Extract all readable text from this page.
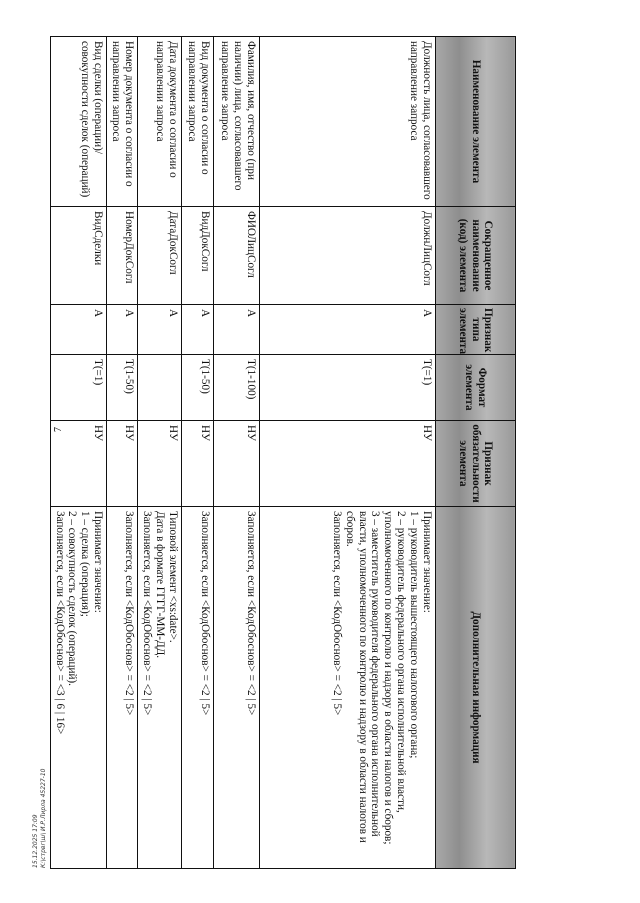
7
15.12.2025 17:09 К:\стрвг\ш\ И.Р.Лирла 45227-10
Наименование элемента	Сокращенное наименование (код) элемента	Признак типа элемента	Формат элемента	Признак обязательности элемента	Дополнительная информация
Должность лица, согласовавшего направление запроса	ДолжнЛицСогл	А	T(=1)	НУ	Принимает значение:
1 – руководитель вышестоящего налогового органа;
2 – руководитель федерального органа исполнительной власти, уполномоченного по контролю и надзору в области налогов и сборов;
3 – заместитель руководителя федерального органа исполнительной власти, уполномоченного по контролю и надзору в области налогов и сборов.
Заполняется, если <КодОбоснов> = <2 | 5>

Фамилия, имя, отчество (при наличии) лица, согласовавшего направление запроса	ФИОЛицСогл	А	T(1-100)	НУ	Заполняется, если <КодОбоснов> = <2 | 5>

Вид документа о согласии о направлении запроса	ВидДокСогл	А	T(1-50)	НУ	Заполняется, если <КодОбоснов> = <2 | 5>

Дата документа о согласии о направлении запроса	ДатаДокСогл	А		НУ	Типовой элемент <xs:date>.
Дата в формате ГГГГ-ММ-ДД.
Заполняется, если <КодОбоснов> = <2 | 5>

Номер документа о согласии о направлении запроса	НомерДокСогл	А	T(1-50)	НУ	Заполняется, если <КодОбоснов> = <2 | 5>

Вид сделки (операции)/ совокупности сделок (операций)	ВидСделки	А	T(=1)	НУ	Принимает значение:
1 – сделка (операция);
2 – совокупность сделок (операций).
Заполняется, если <КодОбоснов> = <3 | 6 | 16>
